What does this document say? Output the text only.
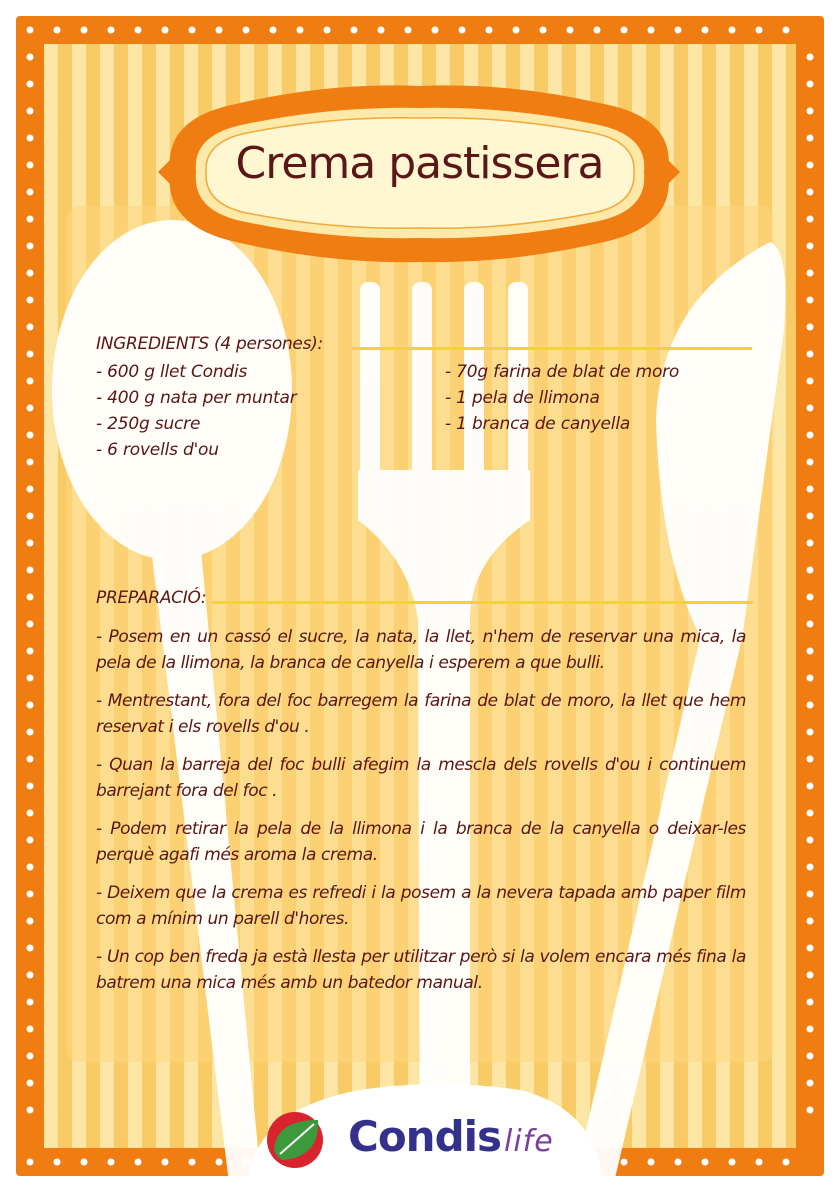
Crema pastissera
INGREDIENTS (4 persones):
- 600 g llet Condis
- 400 g nata per muntar
- 250g sucre
- 6 rovells d'ou
- 70g farina de blat de moro
- 1 pela de llimona
- 1 branca de canyella
PREPARACIÓ:

- Posem en un cassó el sucre, la nata, la llet, n'hem de reservar una mica, la pela de la llimona, la branca de canyella i esperem a que bulli.

- Mentrestant, fora del foc barregem la farina de blat de moro, la llet que hem reservat i els rovells d'ou .

- Quan la barreja del foc bulli afegim la mescla dels rovells d'ou i continuem barrejant fora del foc .

- Podem retirar la pela de la llimona i la branca de la canyella o deixar-les perquè agafi més aroma la crema.

- Deixem que la crema es refredi i la posem a la nevera tapada amb paper film com a mínim un parell d'hores.

- Un cop ben freda ja està llesta per utilitzar però si la volem encara més fina la batrem una mica més amb un batedor manual.

Condis life
